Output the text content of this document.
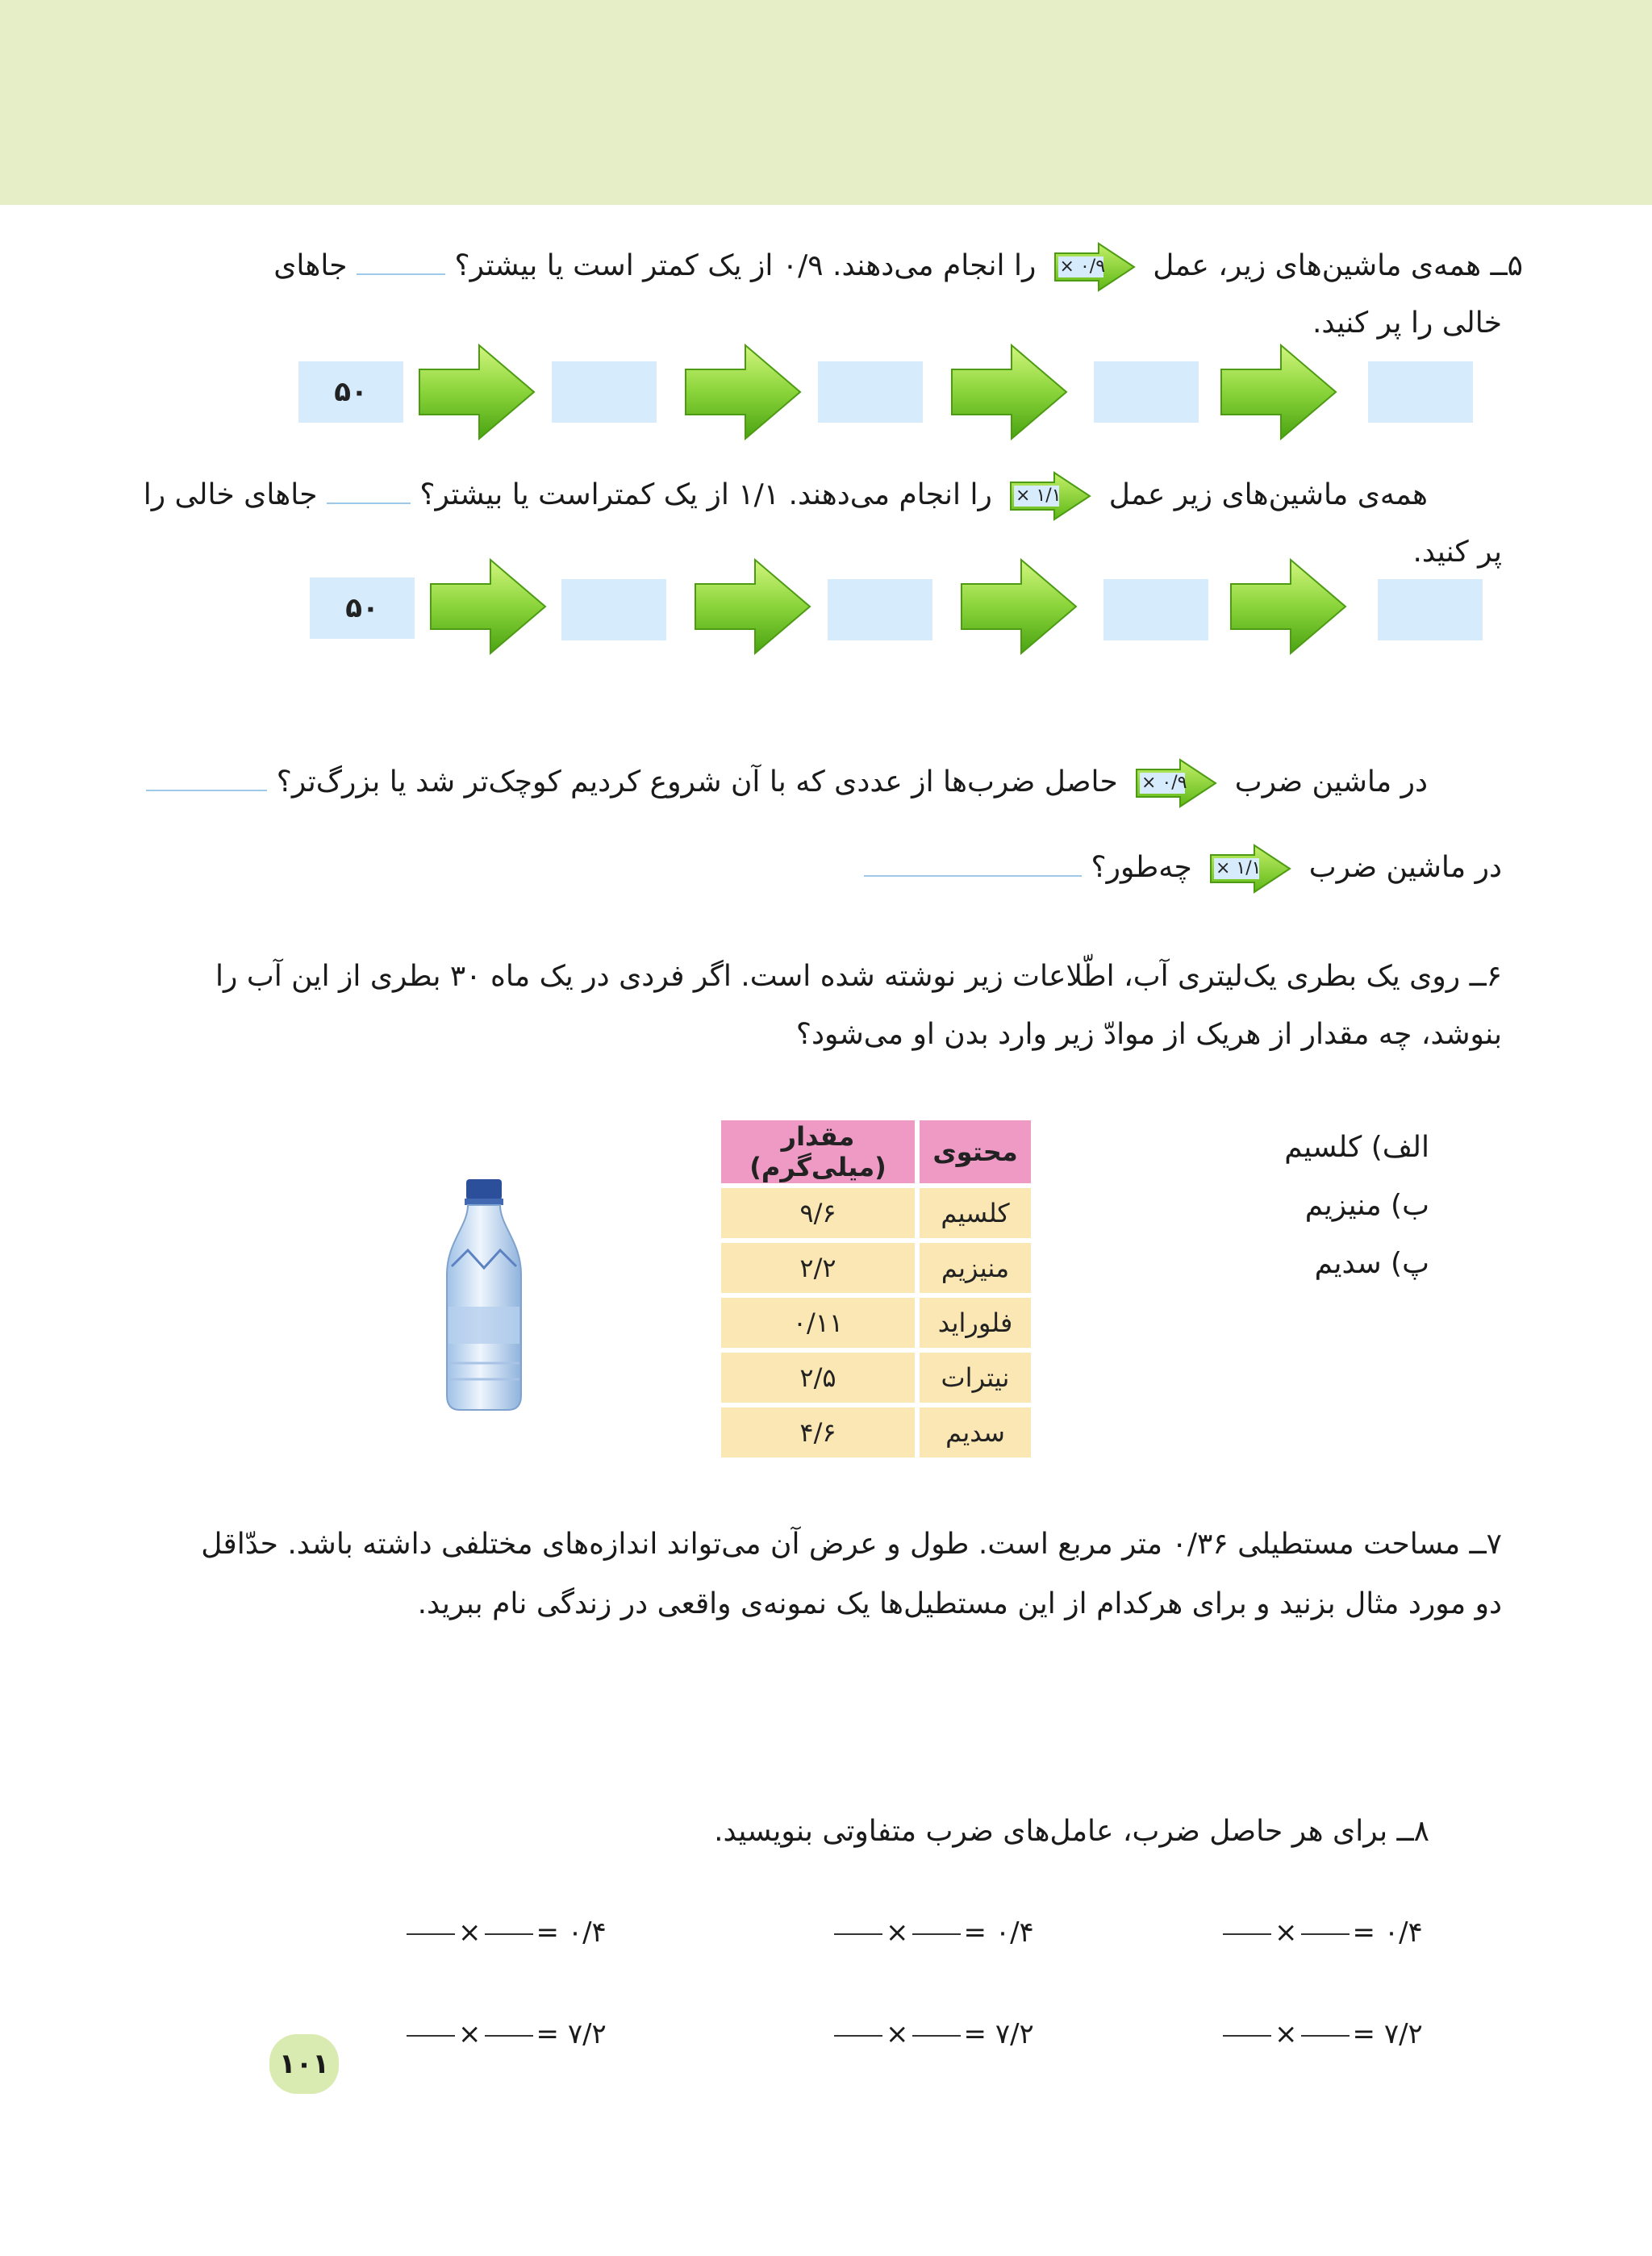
۵ــ همه‌ی ماشین‌های زیر، عمل
۰/۹ ×
را انجام می‌دهند. ۰/۹ از یک کمتر است یا بیشتر؟  جاهای
خالی را پر کنید.
۵۰
همه‌ی ماشین‌های زیر عمل
۱/۱ ×
را انجام می‌دهند. ۱/۱ از یک کمتراست یا بیشتر؟  جاهای خالی را
پر کنید.
۵۰
در ماشین ضرب
۰/۹ ×
حاصل ضرب‌ها از عددی که با آن شروع کردیم کوچک‌تر شد یا بزرگ‌تر؟
در ماشین ضرب
۱/۱ ×
چه‌طور؟
۶ــ روی یک بطری یک‌لیتری آب، اطّلاعات زیر نوشته شده است. اگر فردی در یک ماه ۳۰ بطری از این آب را
بنوشد، چه مقدار از هریک از موادّ زیر وارد بدن او می‌شود؟
الف) کلسیم
ب) منیزیم
پ) سدیم
محتوی	مقدار (میلی‌گرم)
کلسیم	۹/۶
منیزیم	۲/۲
فلوراید	۰/۱۱
نیترات	۲/۵
سدیم	۴/۶
۷ــ مساحت مستطیلی ۰/۳۶ متر مربع است. طول و عرض آن می‌تواند اندازه‌های مختلفی داشته باشد. حدّاقل
دو مورد مثال بزنید و برای هرکدام از این مستطیل‌ها یک نمونه‌ی واقعی در زندگی نام ببرید.
۸ــ برای هر حاصل ضرب، عامل‌های ضرب متفاوتی بنویسید.
× = ۰/۴	× = ۰/۴	× = ۰/۴
× = ۷/۲	× = ۷/۲	× = ۷/۲
۱۰۱
